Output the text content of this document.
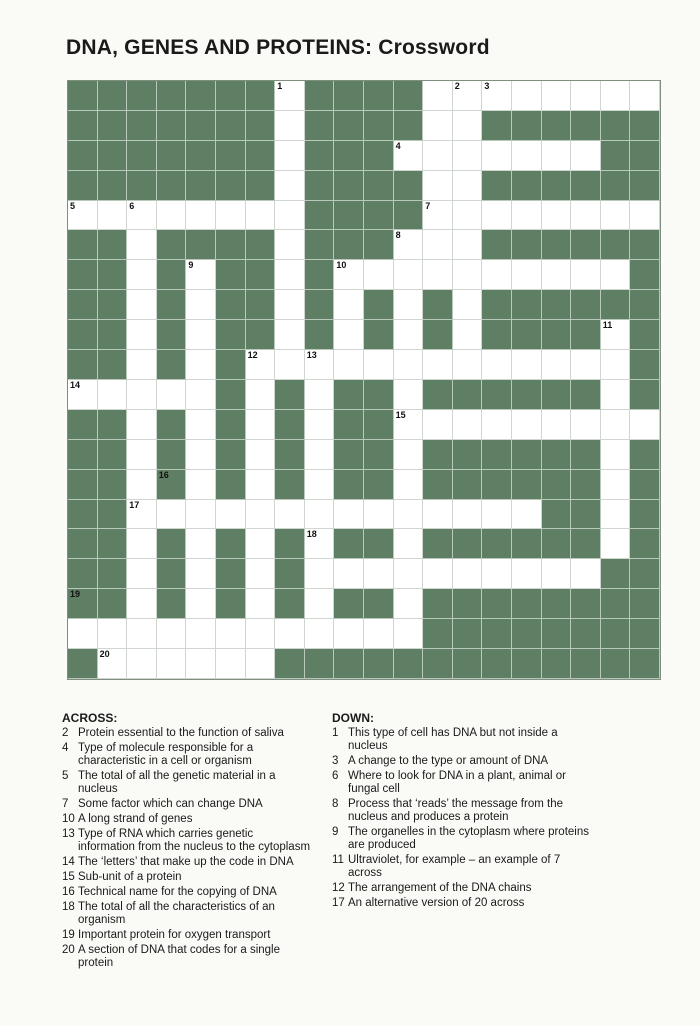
DNA, GENES AND PROTEINS: Crossword
1	2	3
4
5	6	7
8
9	10
11
12	13
14
15
16
17
18
19
20
ACROSS:
2 Protein essential to the function of saliva
4 Type of molecule responsible for a characteristic in a cell or organism
5 The total of all the genetic material in a nucleus
7 Some factor which can change DNA
10 A long strand of genes
13 Type of RNA which carries genetic information from the nucleus to the cytoplasm
14 The ‘letters’ that make up the code in DNA
15 Sub-unit of a protein
16 Technical name for the copying of DNA
18 The total of all the characteristics of an organism
19 Important protein for oxygen transport
20 A section of DNA that codes for a single protein
DOWN:
1 This type of cell has DNA but not inside a nucleus
3 A change to the type or amount of DNA
6 Where to look for DNA in a plant, animal or fungal cell
8 Process that ‘reads’ the message from the nucleus and produces a protein
9 The organelles in the cytoplasm where proteins are produced
11 Ultraviolet, for example – an example of 7 across
12 The arrangement of the DNA chains
17 An alternative version of 20 across
